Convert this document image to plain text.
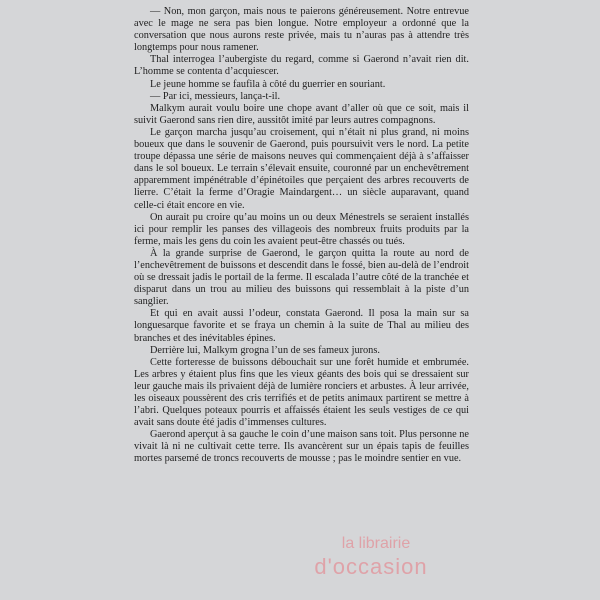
— Non, mon garçon, mais nous te paierons généreusement. Notre entrevue avec le mage ne sera pas bien longue. Notre employeur a ordonné que la conversation que nous aurons reste privée, mais tu n’auras pas à attendre très longtemps pour nous ramener.

Thal interrogea l’aubergiste du regard, comme si Gaerond n’avait rien dit. L’homme se contenta d’acquiescer.

Le jeune homme se faufila à côté du guerrier en souriant.

— Par ici, messieurs, lança-t-il.

Malkym aurait voulu boire une chope avant d’aller où que ce soit, mais il suivit Gaerond sans rien dire, aussitôt imité par leurs autres compagnons.

Le garçon marcha jusqu’au croisement, qui n’était ni plus grand, ni moins boueux que dans le souvenir de Gaerond, puis poursuivit vers le nord. La petite troupe dépassa une série de maisons neuves qui commençaient déjà à s’affaisser dans le sol boueux. Le terrain s’élevait ensuite, couronné par un enchevêtrement apparemment impénétrable d’épinétoiles que perçaient des arbres recouverts de lierre. C’était la ferme d’Oragie Maindargent… un siècle auparavant, quand celle-ci était encore en vie.

On aurait pu croire qu’au moins un ou deux Ménestrels se seraient installés ici pour remplir les panses des villageois des nombreux fruits produits par la ferme, mais les gens du coin les avaient peut-être chassés ou tués.

À la grande surprise de Gaerond, le garçon quitta la route au nord de l’enchevêtrement de buissons et descendit dans le fossé, bien au-delà de l’endroit où se dressait jadis le portail de la ferme. Il escalada l’autre côté de la tranchée et disparut dans un trou au milieu des buissons qui ressemblait à la piste d’un sanglier.

Et qui en avait aussi l’odeur, constata Gaerond. Il posa la main sur sa longuesarque favorite et se fraya un chemin à la suite de Thal au milieu des branches et des inévitables épines.

Derrière lui, Malkym grogna l’un de ses fameux jurons.

Cette forteresse de buissons débouchait sur une forêt humide et embrumée. Les arbres y étaient plus fins que les vieux géants des bois qui se dressaient sur leur gauche mais ils privaient déjà de lumière ronciers et arbustes. À leur arrivée, les oiseaux poussèrent des cris terrifiés et de petits animaux partirent se mettre à l’abri. Quelques poteaux pourris et affaissés étaient les seuls vestiges de ce qui avait sans doute été jadis d’immenses cultures.

Gaerond aperçut à sa gauche le coin d’une maison sans toit. Plus personne ne vivait là ni ne cultivait cette terre. Ils avancèrent sur un épais tapis de feuilles mortes parsemé de troncs recouverts de mousse ; pas le moindre sentier en vue.

la librairie
d'occasion
